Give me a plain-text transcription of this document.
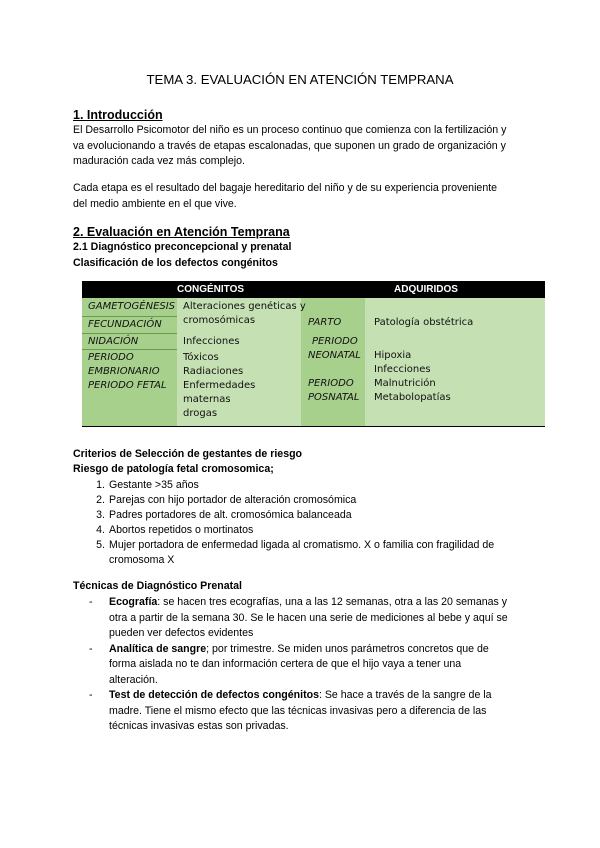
TEMA 3. EVALUACIÓN EN ATENCIÓN TEMPRANA
1. Introducción
El Desarrollo Psicomotor del niño es un proceso continuo que comienza con la fertilización y
va evolucionando a través de etapas escalonadas, que suponen un grado de organización y
maduración cada vez más complejo.
Cada etapa es el resultado del bagaje hereditario del niño y de su experiencia proveniente
del medio ambiente en el que vive.
2. Evaluación en Atención Temprana
2.1 Diagnóstico preconcepcional y prenatal
Clasificación de los defectos congénitos
CONGÉNITOS	ADQUIRIDOS
GAMETOGÉNESIS
FECUNDACIÓN
NIDACIÓN
PERIODO
EMBRIONARIO
PERIODO FETAL
Alteraciones genéticas y
cromosómicas
Infecciones
Tóxicos
Radiaciones
Enfermedades
maternas
drogas
PARTO
PERIODO
NEONATAL
PERIODO
POSNATAL
Patología obstétrica
Hipoxia
Infecciones
Malnutrición
Metabolopatías
Criterios de Selección de gestantes de riesgo
Riesgo de patología fetal cromosomica;
1. Gestante >35 años
2. Parejas con hijo portador de alteración cromosómica
3. Padres portadores de alt. cromosómica balanceada
4. Abortos repetidos o mortinatos
5. Mujer portadora de enfermedad ligada al cromatismo. X o familia con fragilidad de
cromosoma X
Técnicas de Diagnóstico Prenatal
- Ecografía: se hacen tres ecografías, una a las 12 semanas, otra a las 20 semanas y
otra a partir de la semana 30. Se le hacen una serie de mediciones al bebe y aquí se
pueden ver defectos evidentes
- Analítica de sangre; por trimestre. Se miden unos parámetros concretos que de
forma aislada no te dan información certera de que el hijo vaya a tener una
alteración.
- Test de detección de defectos congénitos: Se hace a través de la sangre de la
madre. Tiene el mismo efecto que las técnicas invasivas pero a diferencia de las
técnicas invasivas estas son privadas.
